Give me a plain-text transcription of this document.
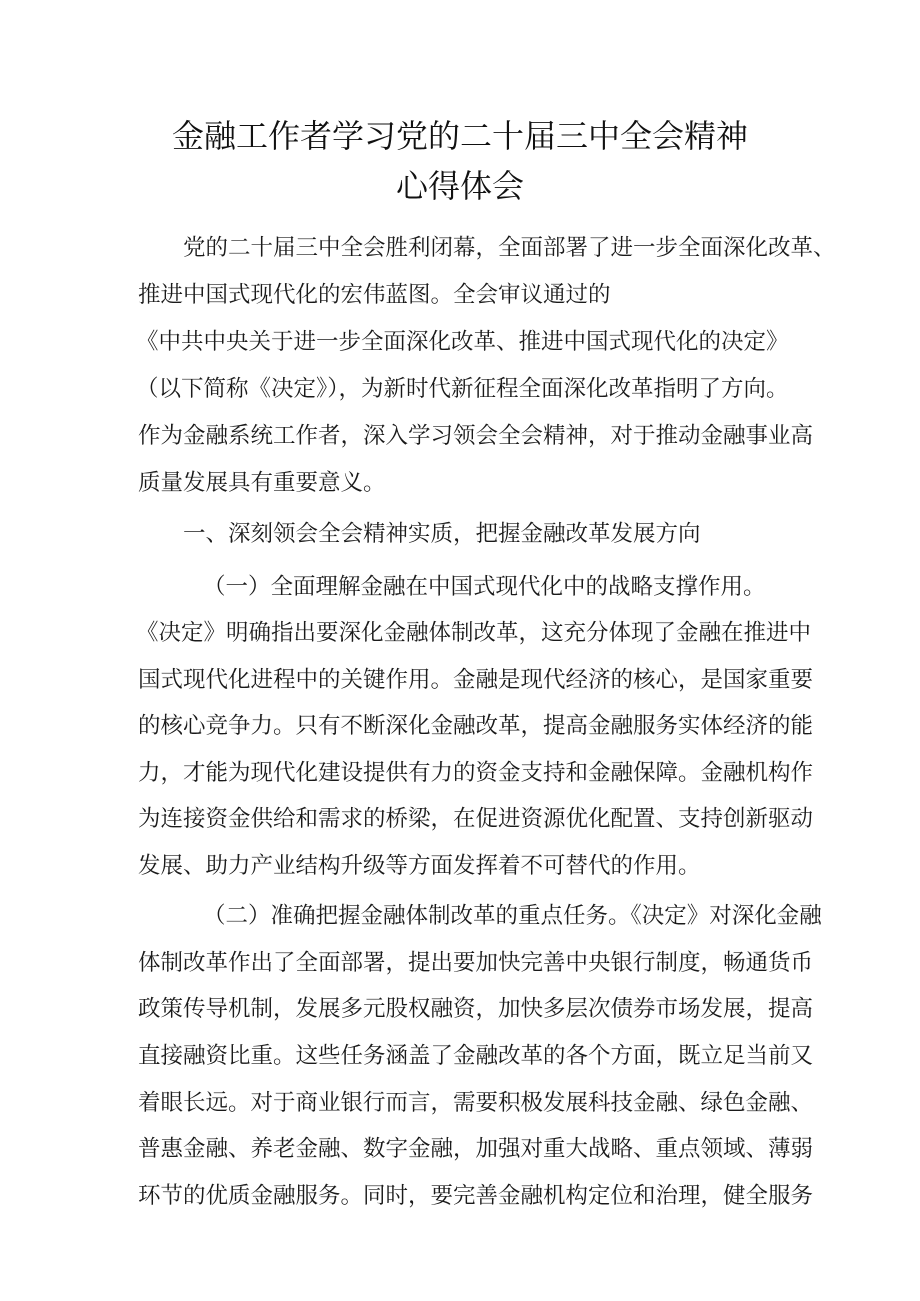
金融工作者学习党的二十届三中全会精神
心得体会

党的二十届三中全会胜利闭幕，全面部署了进一步全面深化改革、

推进中国式现代化的宏伟蓝图。全会审议通过的

《中共中央关于进一步全面深化改革、推进中国式现代化的决定》

（以下简称《决定》），为新时代新征程全面深化改革指明了方向。

作为金融系统工作者，深入学习领会全会精神，对于推动金融事业高

质量发展具有重要意义。

一、深刻领会全会精神实质，把握金融改革发展方向

（一）全面理解金融在中国式现代化中的战略支撑作用。

《决定》明确指出要深化金融体制改革，这充分体现了金融在推进中

国式现代化进程中的关键作用。金融是现代经济的核心，是国家重要

的核心竞争力。只有不断深化金融改革，提高金融服务实体经济的能

力，才能为现代化建设提供有力的资金支持和金融保障。金融机构作

为连接资金供给和需求的桥梁，在促进资源优化配置、支持创新驱动

发展、助力产业结构升级等方面发挥着不可替代的作用。

（二）准确把握金融体制改革的重点任务。《决定》对深化金融

体制改革作出了全面部署，提出要加快完善中央银行制度，畅通货币

政策传导机制，发展多元股权融资，加快多层次债券市场发展，提高

直接融资比重。这些任务涵盖了金融改革的各个方面，既立足当前又

着眼长远。对于商业银行而言，需要积极发展科技金融、绿色金融、

普惠金融、养老金融、数字金融，加强对重大战略、重点领域、薄弱

环节的优质金融服务。同时，要完善金融机构定位和治理，健全服务
